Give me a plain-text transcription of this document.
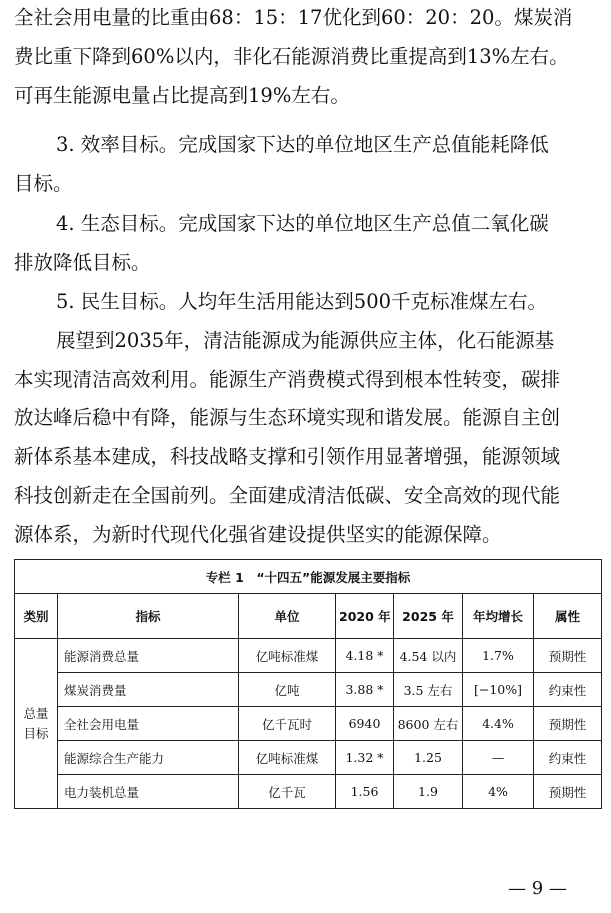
全社会用电量的比重由68：15：17优化到60：20：20。煤炭消
费比重下降到60%以内，非化石能源消费比重提高到13%左右。
可再生能源电量占比提高到19%左右。
3. 效率目标。完成国家下达的单位地区生产总值能耗降低
目标。
4. 生态目标。完成国家下达的单位地区生产总值二氧化碳
排放降低目标。
5. 民生目标。人均年生活用能达到500千克标准煤左右。
展望到2035年，清洁能源成为能源供应主体，化石能源基
本实现清洁高效利用。能源生产消费模式得到根本性转变，碳排
放达峰后稳中有降，能源与生态环境实现和谐发展。能源自主创
新体系基本建成，科技战略支撑和引领作用显著增强，能源领域
科技创新走在全国前列。全面建成清洁低碳、安全高效的现代能
源体系，为新时代现代化强省建设提供坚实的能源保障。
专栏 1　“十四五”能源发展主要指标						
类别	指标	单位	2020 年	2025 年	年均增长	属性
总量目标	能源消费总量	亿吨标准煤	4.18 *	4.54 以内	1.7%	预期性
	煤炭消费量	亿吨	3.88 *	3.5 左右	[−10%]	约束性
	全社会用电量	亿千瓦时	6940	8600 左右	4.4%	预期性
	能源综合生产能力	亿吨标准煤	1.32 *	1.25	—	约束性
	电力装机总量	亿千瓦	1.56	1.9	4%	预期性
— 9 —
